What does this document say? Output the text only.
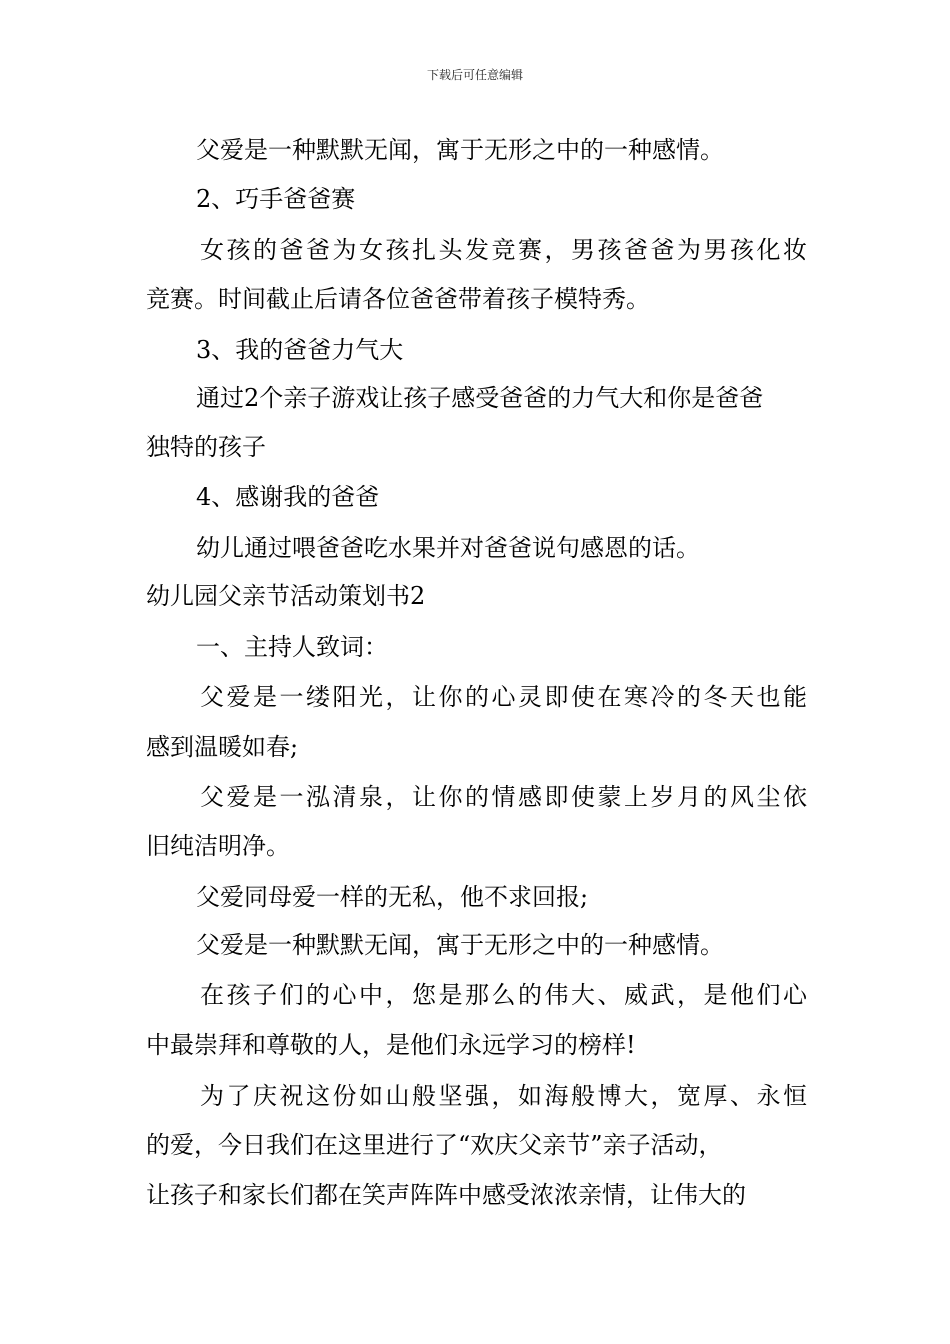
下载后可任意编辑
父爱是一种默默无闻，寓于无形之中的一种感情。
2、巧手爸爸赛
女孩的爸爸为女孩扎头发竞赛，男孩爸爸为男孩化妆
竞赛。时间截止后请各位爸爸带着孩子模特秀。
3、我的爸爸力气大
通过2个亲子游戏让孩子感受爸爸的力气大和你是爸爸
独特的孩子
4、感谢我的爸爸
幼儿通过喂爸爸吃水果并对爸爸说句感恩的话。
幼儿园父亲节活动策划书2
一、主持人致词：
父爱是一缕阳光，让你的心灵即使在寒冷的冬天也能
感到温暖如春;
父爱是一泓清泉，让你的情感即使蒙上岁月的风尘依
旧纯洁明净。
父爱同母爱一样的无私，他不求回报;
父爱是一种默默无闻，寓于无形之中的一种感情。
在孩子们的心中，您是那么的伟大、威武，是他们心
中最崇拜和尊敬的人，是他们永远学习的榜样!
为了庆祝这份如山般坚强，如海般博大，宽厚、永恒
的爱，今日我们在这里进行了“欢庆父亲节”亲子活动，
让孩子和家长们都在笑声阵阵中感受浓浓亲情，让伟大的
